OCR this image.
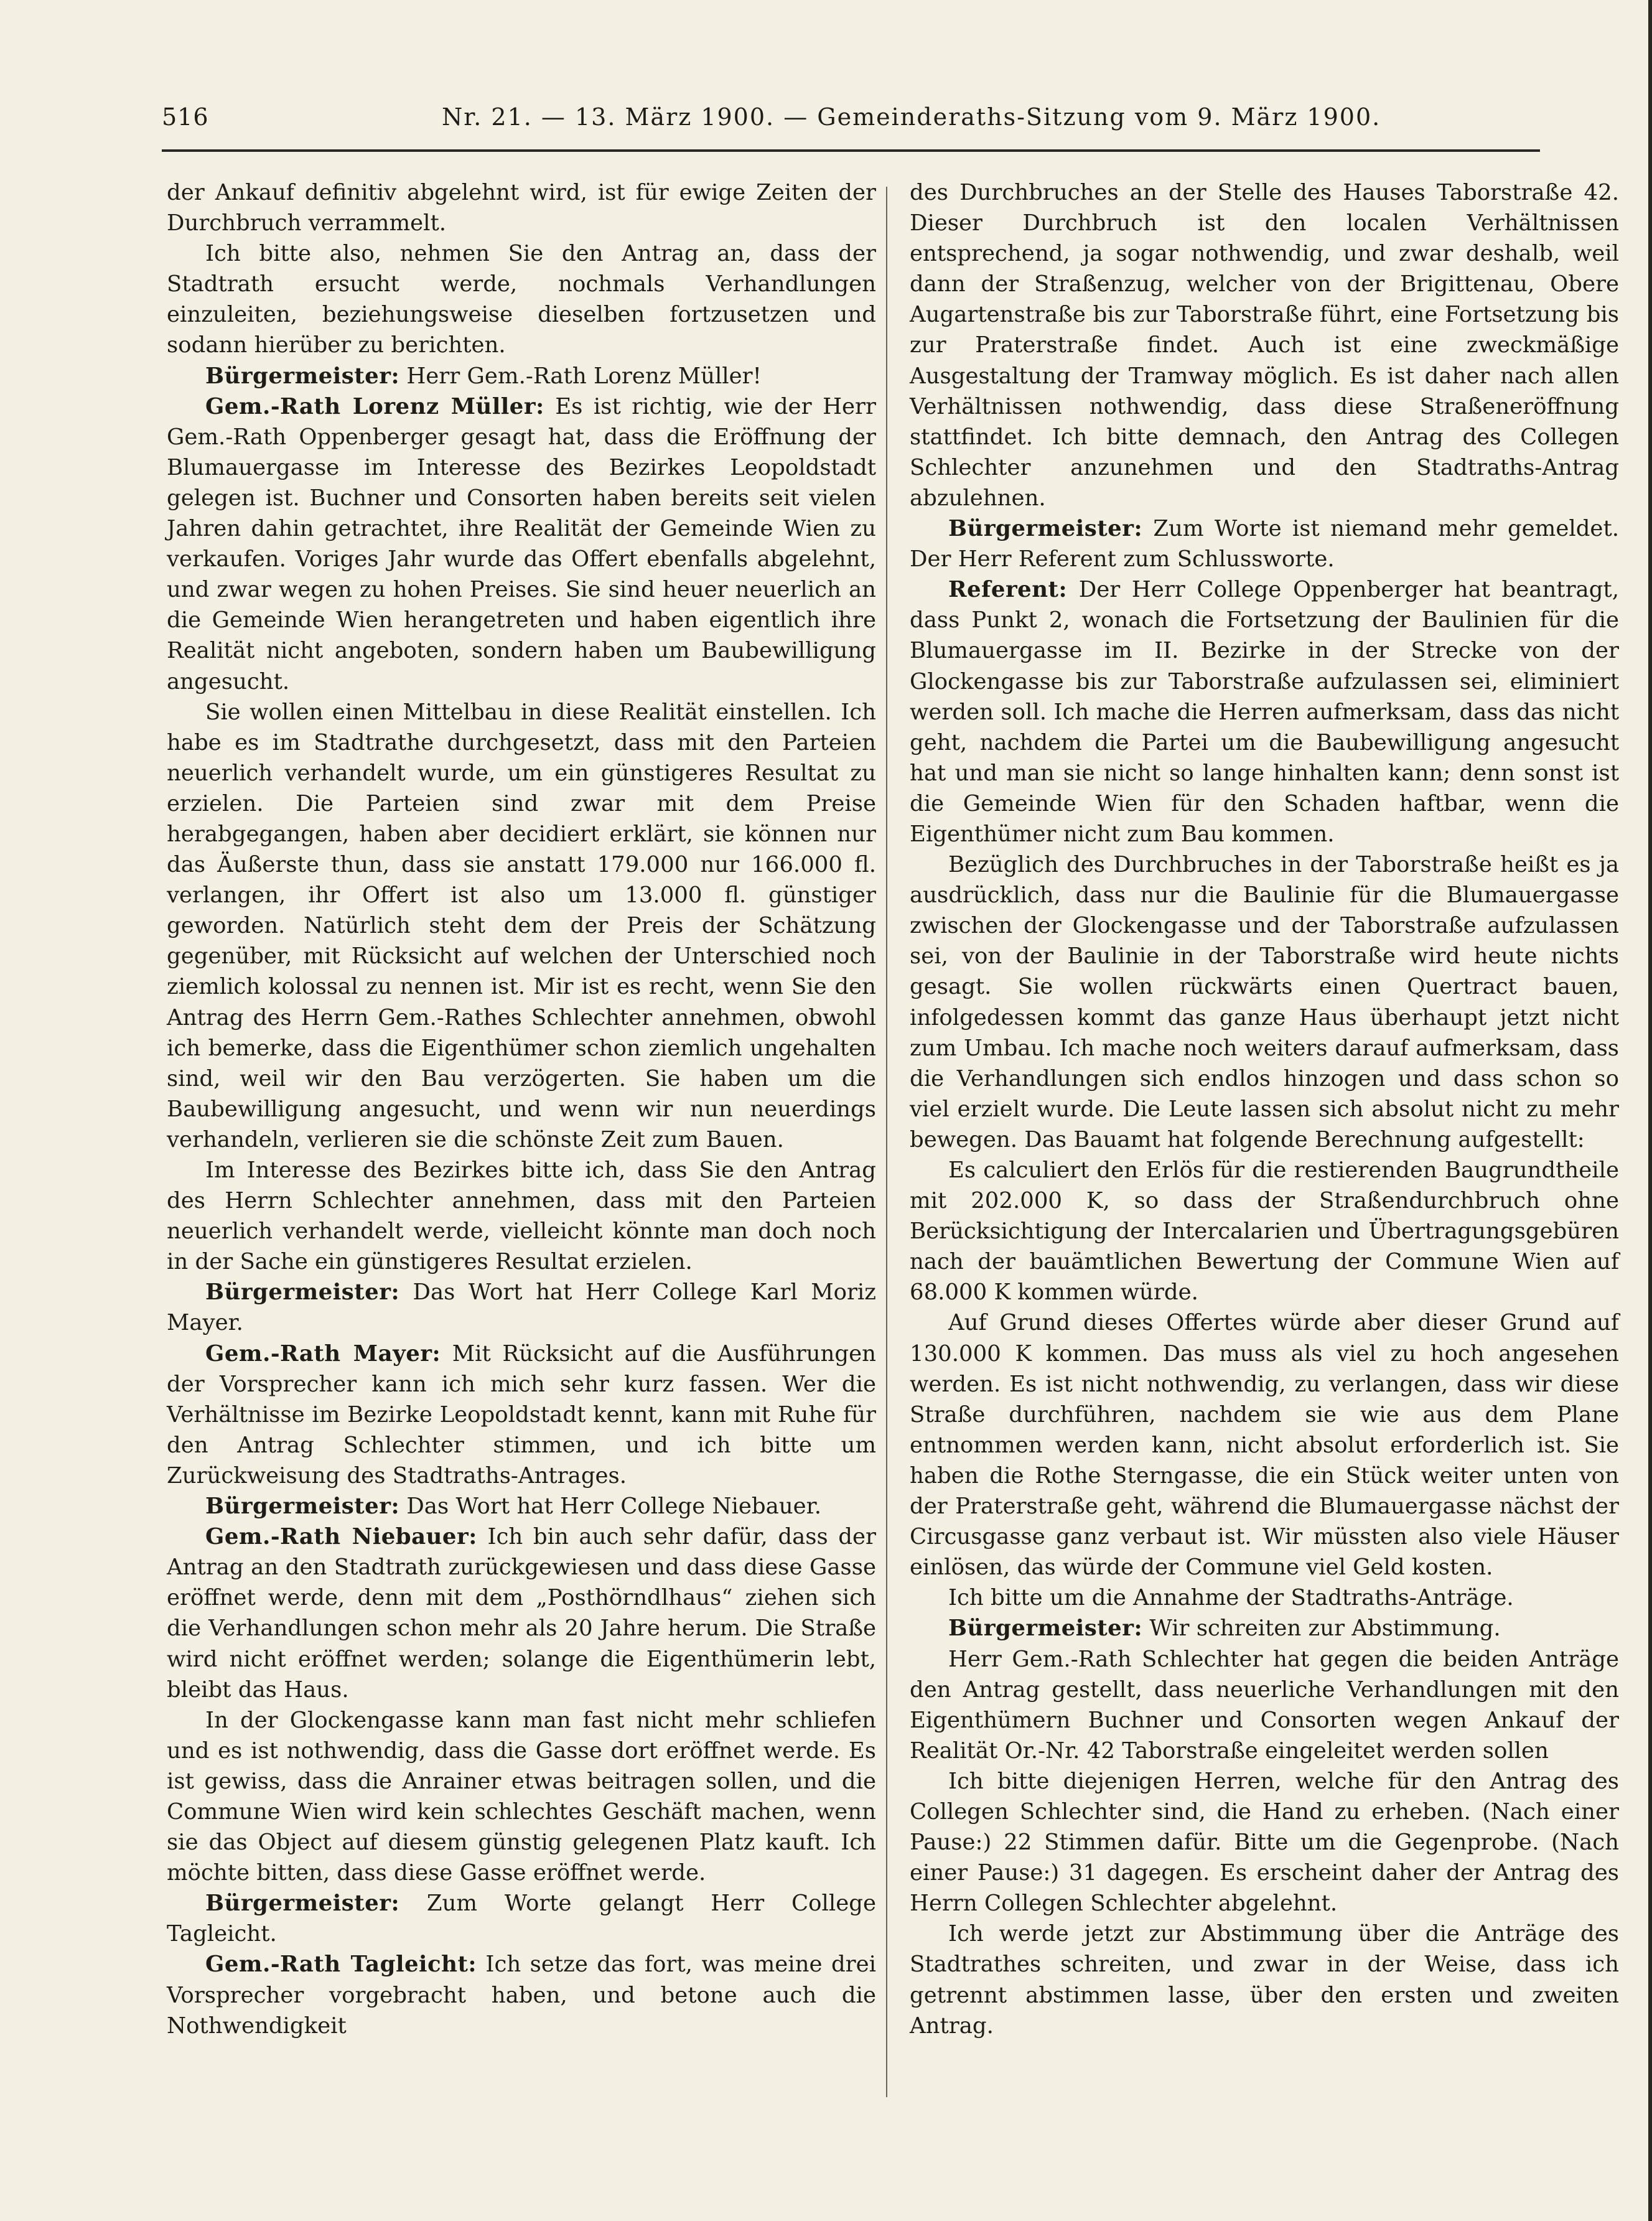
516	Nr. 21. — 13. März 1900. — Gemeinderaths-Sitzung vom 9. März 1900.

der Ankauf definitiv abgelehnt wird, ist für ewige Zeiten der Durchbruch verrammelt.

Ich bitte also, nehmen Sie den Antrag an, dass der Stadtrath ersucht werde, nochmals Verhandlungen einzuleiten, beziehungsweise dieselben fortzusetzen und sodann hierüber zu berichten.

Bürgermeister: Herr Gem.-Rath Lorenz Müller!

Gem.-Rath Lorenz Müller: Es ist richtig, wie der Herr Gem.-Rath Oppenberger gesagt hat, dass die Eröffnung der Blumauergasse im Interesse des Bezirkes Leopoldstadt gelegen ist. Buchner und Consorten haben bereits seit vielen Jahren dahin getrachtet, ihre Realität der Gemeinde Wien zu verkaufen. Voriges Jahr wurde das Offert ebenfalls abgelehnt, und zwar wegen zu hohen Preises. Sie sind heuer neuerlich an die Gemeinde Wien herangetreten und haben eigentlich ihre Realität nicht angeboten, sondern haben um Baubewilligung angesucht.

Sie wollen einen Mittelbau in diese Realität einstellen. Ich habe es im Stadtrathe durchgesetzt, dass mit den Parteien neuerlich verhandelt wurde, um ein günstigeres Resultat zu erzielen. Die Parteien sind zwar mit dem Preise herabgegangen, haben aber decidiert erklärt, sie können nur das Äußerste thun, dass sie anstatt 179.000 nur 166.000 fl. verlangen, ihr Offert ist also um 13.000 fl. günstiger geworden. Natürlich steht dem der Preis der Schätzung gegenüber, mit Rücksicht auf welchen der Unterschied noch ziemlich kolossal zu nennen ist. Mir ist es recht, wenn Sie den Antrag des Herrn Gem.-Rathes Schlechter annehmen, obwohl ich bemerke, dass die Eigenthümer schon ziemlich ungehalten sind, weil wir den Bau verzögerten. Sie haben um die Baubewilligung angesucht, und wenn wir nun neuerdings verhandeln, verlieren sie die schönste Zeit zum Bauen.

Im Interesse des Bezirkes bitte ich, dass Sie den Antrag des Herrn Schlechter annehmen, dass mit den Parteien neuerlich verhandelt werde, vielleicht könnte man doch noch in der Sache ein günstigeres Resultat erzielen.

Bürgermeister: Das Wort hat Herr College Karl Moriz Mayer.

Gem.-Rath Mayer: Mit Rücksicht auf die Ausführungen der Vorsprecher kann ich mich sehr kurz fassen. Wer die Verhältnisse im Bezirke Leopoldstadt kennt, kann mit Ruhe für den Antrag Schlechter stimmen, und ich bitte um Zurückweisung des Stadtraths-Antrages.

Bürgermeister: Das Wort hat Herr College Niebauer.

Gem.-Rath Niebauer: Ich bin auch sehr dafür, dass der Antrag an den Stadtrath zurückgewiesen und dass diese Gasse eröffnet werde, denn mit dem „Posthörndlhaus“ ziehen sich die Verhandlungen schon mehr als 20 Jahre herum. Die Straße wird nicht eröffnet werden; solange die Eigenthümerin lebt, bleibt das Haus.

In der Glockengasse kann man fast nicht mehr schliefen und es ist nothwendig, dass die Gasse dort eröffnet werde. Es ist gewiss, dass die Anrainer etwas beitragen sollen, und die Commune Wien wird kein schlechtes Geschäft machen, wenn sie das Object auf diesem günstig gelegenen Platz kauft. Ich möchte bitten, dass diese Gasse eröffnet werde.

Bürgermeister: Zum Worte gelangt Herr College Tagleicht.

Gem.-Rath Tagleicht: Ich setze das fort, was meine drei Vorsprecher vorgebracht haben, und betone auch die Nothwendigkeit

des Durchbruches an der Stelle des Hauses Taborstraße 42. Dieser Durchbruch ist den localen Verhältnissen entsprechend, ja sogar nothwendig, und zwar deshalb, weil dann der Straßenzug, welcher von der Brigittenau, Obere Augartenstraße bis zur Taborstraße führt, eine Fortsetzung bis zur Praterstraße findet. Auch ist eine zweckmäßige Ausgestaltung der Tramway möglich. Es ist daher nach allen Verhältnissen nothwendig, dass diese Straßeneröffnung stattfindet. Ich bitte demnach, den Antrag des Collegen Schlechter anzunehmen und den Stadtraths-Antrag abzulehnen.

Bürgermeister: Zum Worte ist niemand mehr gemeldet. Der Herr Referent zum Schlussworte.

Referent: Der Herr College Oppenberger hat beantragt, dass Punkt 2, wonach die Fortsetzung der Baulinien für die Blumauergasse im II. Bezirke in der Strecke von der Glockengasse bis zur Taborstraße aufzulassen sei, eliminiert werden soll. Ich mache die Herren aufmerksam, dass das nicht geht, nachdem die Partei um die Baubewilligung angesucht hat und man sie nicht so lange hinhalten kann; denn sonst ist die Gemeinde Wien für den Schaden haftbar, wenn die Eigenthümer nicht zum Bau kommen.

Bezüglich des Durchbruches in der Taborstraße heißt es ja ausdrücklich, dass nur die Baulinie für die Blumauergasse zwischen der Glockengasse und der Taborstraße aufzulassen sei, von der Baulinie in der Taborstraße wird heute nichts gesagt. Sie wollen rückwärts einen Quertract bauen, infolgedessen kommt das ganze Haus überhaupt jetzt nicht zum Umbau. Ich mache noch weiters darauf aufmerksam, dass die Verhandlungen sich endlos hinzogen und dass schon so viel erzielt wurde. Die Leute lassen sich absolut nicht zu mehr bewegen. Das Bauamt hat folgende Berechnung aufgestellt:

Es calculiert den Erlös für die restierenden Baugrundtheile mit 202.000 K, so dass der Straßendurchbruch ohne Berücksichtigung der Intercalarien und Übertragungsgebüren nach der bauämtlichen Bewertung der Commune Wien auf 68.000 K kommen würde.

Auf Grund dieses Offertes würde aber dieser Grund auf 130.000 K kommen. Das muss als viel zu hoch angesehen werden. Es ist nicht nothwendig, zu verlangen, dass wir diese Straße durchführen, nachdem sie wie aus dem Plane entnommen werden kann, nicht absolut erforderlich ist. Sie haben die Rothe Sterngasse, die ein Stück weiter unten von der Praterstraße geht, während die Blumauergasse nächst der Circusgasse ganz verbaut ist. Wir müssten also viele Häuser einlösen, das würde der Commune viel Geld kosten.

Ich bitte um die Annahme der Stadtraths-Anträge.

Bürgermeister: Wir schreiten zur Abstimmung.

Herr Gem.-Rath Schlechter hat gegen die beiden Anträge den Antrag gestellt, dass neuerliche Verhandlungen mit den Eigenthümern Buchner und Consorten wegen Ankauf der Realität Or.-Nr. 42 Taborstraße eingeleitet werden sollen

Ich bitte diejenigen Herren, welche für den Antrag des Collegen Schlechter sind, die Hand zu erheben. (Nach einer Pause:) 22 Stimmen dafür. Bitte um die Gegenprobe. (Nach einer Pause:) 31 dagegen. Es erscheint daher der Antrag des Herrn Collegen Schlechter abgelehnt.

Ich werde jetzt zur Abstimmung über die Anträge des Stadtrathes schreiten, und zwar in der Weise, dass ich getrennt abstimmen lasse, über den ersten und zweiten Antrag.
